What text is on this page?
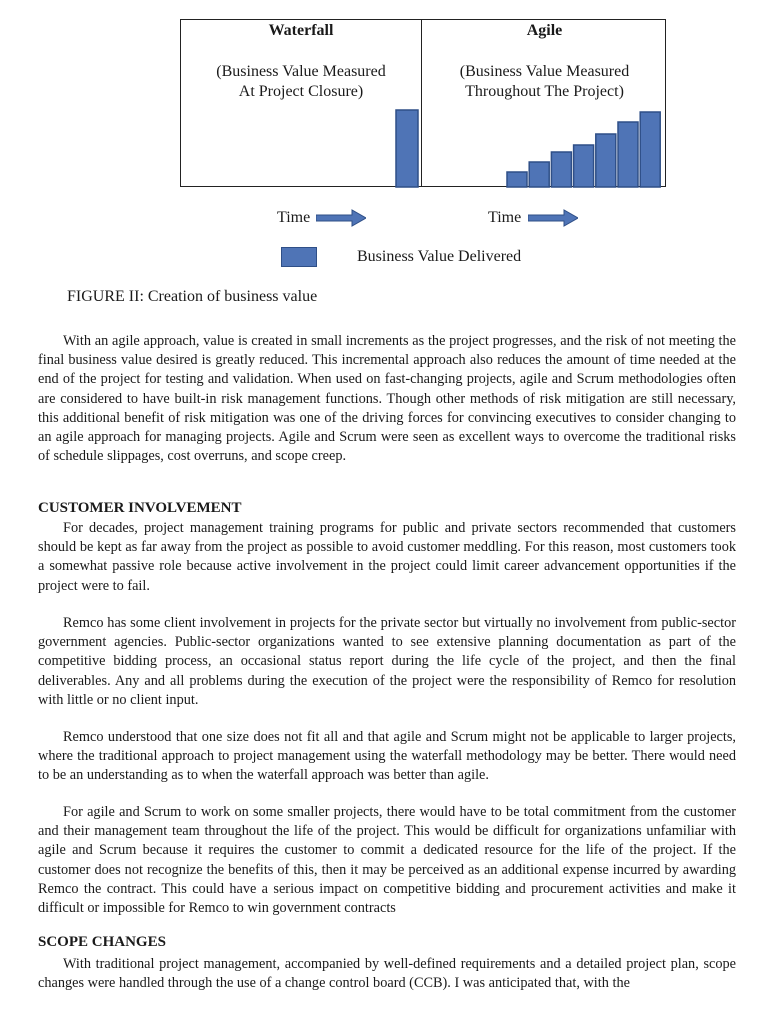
Waterfall
(Business Value Measured
At Project Closure)
Agile
(Business Value Measured
Throughout The Project)
Time	Time
Business Value Delivered
FIGURE II: Creation of business value

With an agile approach, value is created in small increments as the project progresses, and the risk of not meeting the final business value desired is greatly reduced. This incremental approach also reduces the amount of time needed at the end of the project for testing and validation. When used on fast-changing projects, agile and Scrum methodologies often are considered to have built-in risk management functions. Though other methods of risk mitigation are still necessary, this additional benefit of risk mitigation was one of the driving forces for convincing executives to consider changing to an agile approach for managing projects. Agile and Scrum were seen as excellent ways to overcome the traditional risks of schedule slippages, cost overruns, and scope creep.

CUSTOMER INVOLVEMENT

For decades, project management training programs for public and private sectors recommended that customers should be kept as far away from the project as possible to avoid customer meddling. For this reason, most customers took a somewhat passive role because active involvement in the project could limit career advancement opportunities if the project were to fail.

Remco has some client involvement in projects for the private sector but virtually no involvement from public-sector government agencies. Public-sector organizations wanted to see extensive planning documentation as part of the competitive bidding process, an occasional status report during the life cycle of the project, and then the final deliverables. Any and all problems during the execution of the project were the responsibility of Remco for resolution with little or no client input.

Remco understood that one size does not fit all and that agile and Scrum might not be applicable to larger projects, where the traditional approach to project management using the waterfall methodology may be better. There would need to be an understanding as to when the waterfall approach was better than agile.

For agile and Scrum to work on some smaller projects, there would have to be total commitment from the customer and their management team throughout the life of the project. This would be difficult for organizations unfamiliar with agile and Scrum because it requires the customer to commit a dedicated resource for the life of the project. If the customer does not recognize the benefits of this, then it may be perceived as an additional expense incurred by awarding Remco the contract. This could have a serious impact on competitive bidding and procurement activities and make it difficult or impossible for Remco to win government contracts

SCOPE CHANGES

With traditional project management, accompanied by well-defined requirements and a detailed project plan, scope changes were handled through the use of a change control board (CCB). I was anticipated that, with the
